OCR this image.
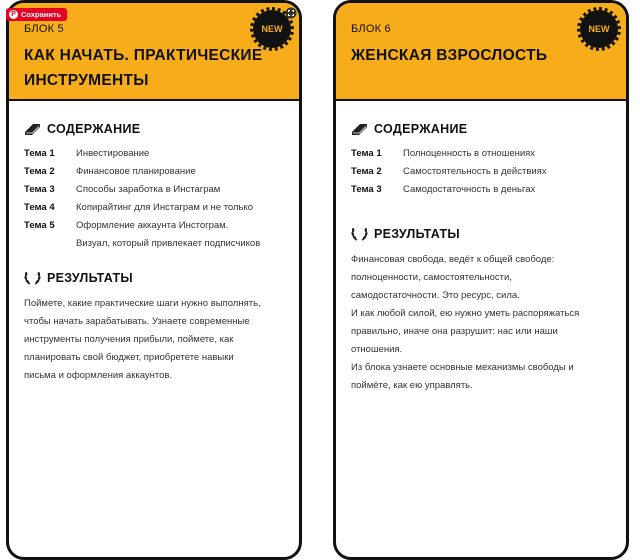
P Сохранить
БЛОК 5
КАК НАЧАТЬ. ПРАКТИЧЕСКИЕ
ИНСТРУМЕНТЫ
NEW
СОДЕРЖАНИЕ
Тема 1	Инвестирование
Тема 2	Финансовое планирование
Тема 3	Способы заработка в Инстаграм
Тема 4	Копирайтинг для Инстаграм и не только
Тема 5	Оформление аккаунта Инстограм.
Визуал, который привлекает подписчиков
РЕЗУЛЬТАТЫ
Поймете, какие практические шаги нужно выполнять,
чтобы начать зарабатывать. Узнаете современные
инструменты получения прибыли, поймете, как
планировать свой бюджет, приобретете навыки
письма и оформления аккаунтов.
БЛОК 6
ЖЕНСКАЯ ВЗРОСЛОСТЬ
NEW
СОДЕРЖАНИЕ
Тема 1	Полноценность в отношениях
Тема 2	Самостоятельность в действиях
Тема 3	Самодостаточность в деньгах
РЕЗУЛЬТАТЫ
Финансовая свобода, ведёт к общей свободе:
полноценности, самостоятельности,
самодостаточности. Это ресурс, сила.
И как любой силой, ею нужно уметь распоряжаться
правильно, иначе она разрушит: нас или наши
отношения.
Из блока узнаете основные механизмы свободы и
поймёте, как ею управлять.
